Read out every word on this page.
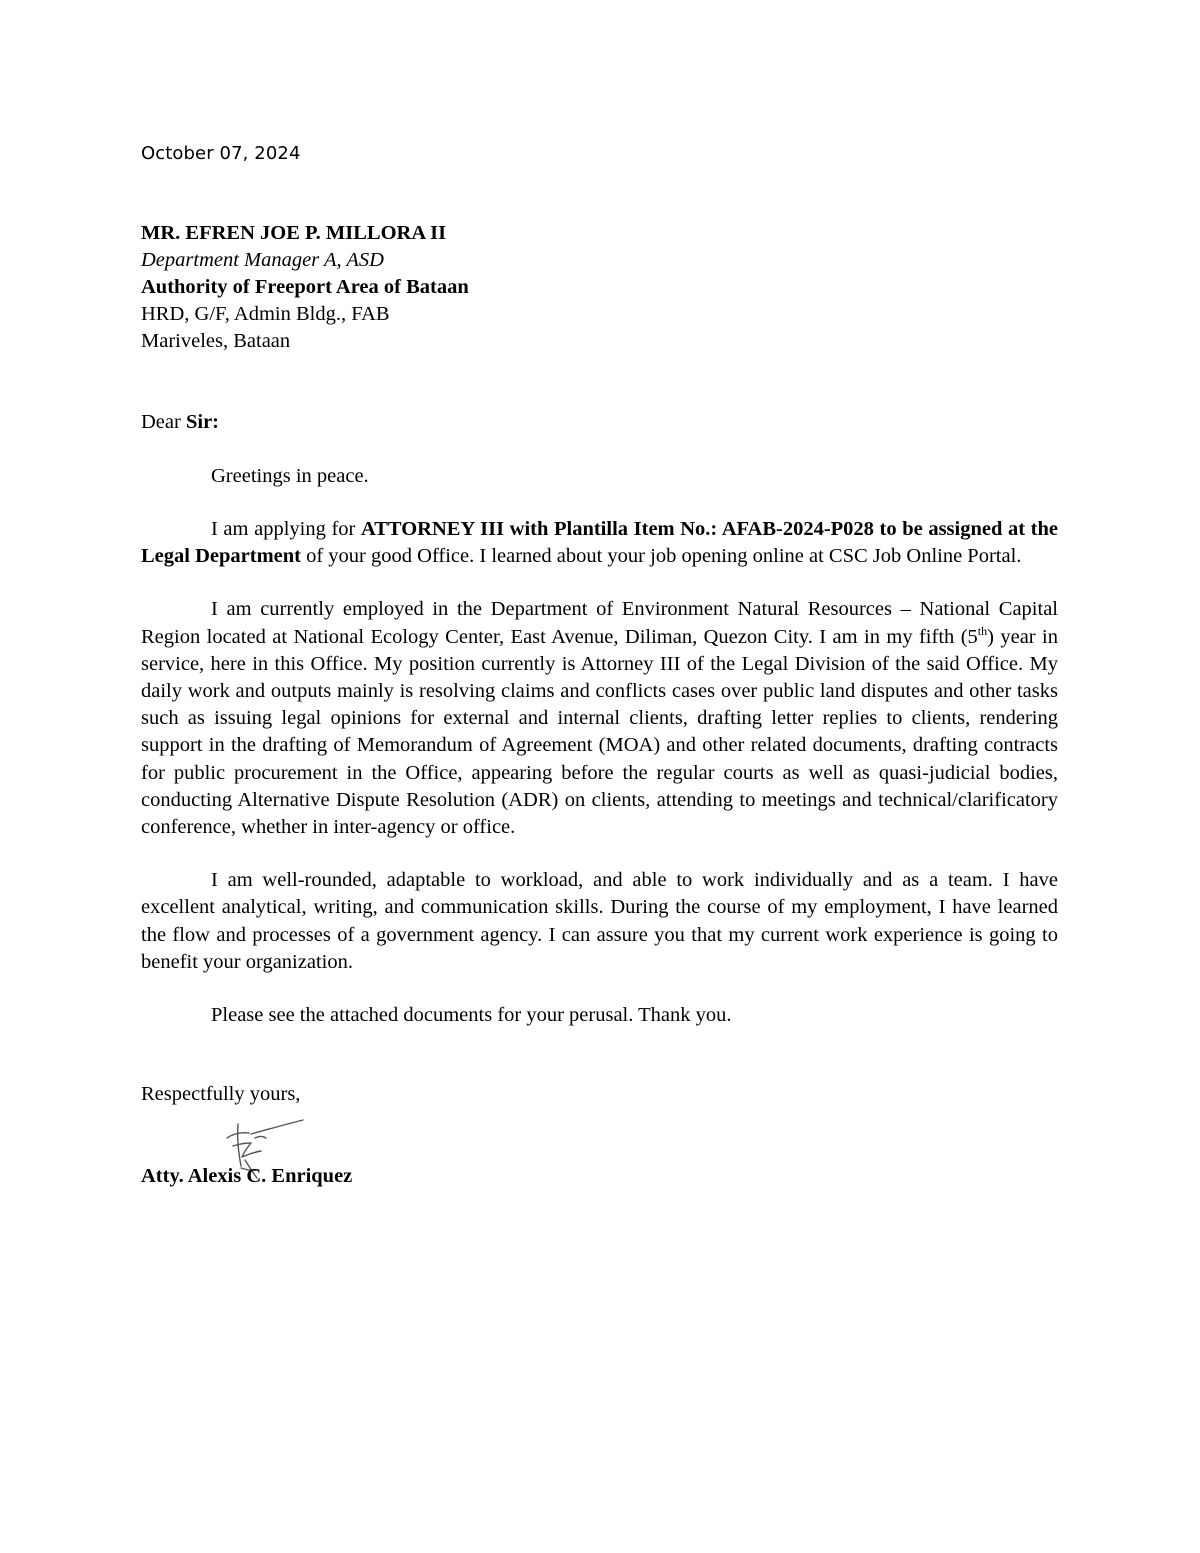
October 07, 2024
MR. EFREN JOE P. MILLORA II
Department Manager A, ASD
Authority of Freeport Area of Bataan
HRD, G/F, Admin Bldg., FAB
Mariveles, Bataan
Dear Sir:

Greetings in peace.

I am applying for ATTORNEY III with Plantilla Item No.: AFAB-2024-P028 to be assigned at the Legal Department of your good Office. I learned about your job opening online at CSC Job Online Portal.

I am currently employed in the Department of Environment Natural Resources – National Capital Region located at National Ecology Center, East Avenue, Diliman, Quezon City. I am in my fifth (5th) year in service, here in this Office. My position currently is Attorney III of the Legal Division of the said Office. My daily work and outputs mainly is resolving claims and conflicts cases over public land disputes and other tasks such as issuing legal opinions for external and internal clients, drafting letter replies to clients, rendering support in the drafting of Memorandum of Agreement (MOA) and other related documents, drafting contracts for public procurement in the Office, appearing before the regular courts as well as quasi-judicial bodies, conducting Alternative Dispute Resolution (ADR) on clients, attending to meetings and technical/clarificatory conference, whether in inter-agency or office.

I am well-rounded, adaptable to workload, and able to work individually and as a team. I have excellent analytical, writing, and communication skills. During the course of my employment, I have learned the flow and processes of a government agency. I can assure you that my current work experience is going to benefit your organization.

Please see the attached documents for your perusal. Thank you.

Respectfully yours,
Atty. Alexis C. Enriquez
